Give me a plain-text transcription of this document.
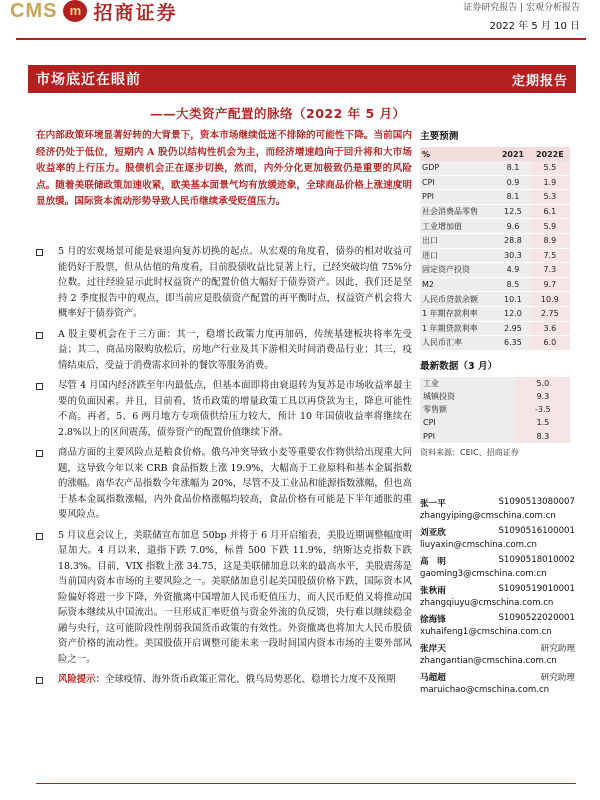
CMS m 招商证券	证券研究报告 | 宏观分析报告
2022 年 5 月 10 日
市场底近在眼前	定期报告
——大类资产配置的脉络（2022 年 5 月）
在内部政策环境显著好转的大背景下，资本市场继续低迷不排除的可能性下降。当前国内经济仍处于低位，短期内 A 股仍以结构性机会为主，而经济增速趋向于回升将和大市场收益率的上行压力。股债机会正在逐步切换，然而，内外分化更加极致仍是重要的风险点。随着美联储政策加速收紧，欧美基本面景气均有放缓迹象，全球商品价格上涨速度明显放缓。国际资本流动形势导致人民币继续承受贬值压力。
5 月的宏观场景可能是衰退向复苏切换的起点。从宏观的角度看，债券的相对收益可能仍好于股票，但从估值的角度看，目前股债收益比显著上行，已经突破均值 75%分位数。过往经验显示此时权益资产的配置价值大幅好于债券资产。因此，我们还是坚持 2 季度报告中的观点，即当前应是股债资产配置的再平衡时点，权益资产机会将大概率好于债券资产。
A 股主要机会在于三方面：其一，稳增长政策力度再加码，传统基建板块将率先受益；其二，商品房限购放松后，房地产行业及其下游相关时间消费品行业；其三，疫情结束后，受益于消费需求回补的餐饮等服务消费。
尽管 4 月国内经济跌至年内最低点，但基本面即将由衰退转为复苏是市场收益率最主要的负面因素。并且，目前看，货币政策的增量政策工具以再贷款为主，降息可能性不高。再者，5、6 两月地方专项债供给压力较大，预计 10 年国债收益率将继续在 2.8%以上的区间震荡，债券资产的配置价值继续下滑。
商品方面的主要风险点是粮食价格。俄乌冲突导致小麦等重要农作物供给出现重大问题，这导致今年以来 CRB 食品指数上涨 19.9%，大幅高于工业原料和基本金属指数的涨幅。南华农产品指数今年涨幅为 20%，尽管不及工业品和能源指数涨幅，但也高于基本金属指数涨幅，内外食品价格涨幅均较高，食品价格有可能是下半年通胀的重要风险点。
5 月议息会议上，美联储宣布加息 50bp 并将于 6 月开启缩表，美股近期调整幅度明显加大。4 月以来，道指下跌 7.0%，标普 500 下跌 11.9%，纳斯达克指数下跌 18.3%。目前，VIX 指数上涨 34.75，这是美联储加息以来的最高水平，美股震荡是当前国内资本市场的主要风险之一。美联储加息引起美国股债价格下跌，国际资本风险偏好将进一步下降，外资撤离中国增加人民币贬值压力，而人民币贬值又将推动国际资本继续从中国流出。一旦形成汇率贬值与资金外流的负反馈，央行难以继续稳金融与央行，这可能阶段性削弱我国货币政策的有效性。外资撤离也将加大人民币股债资产价格的流动性。美国股债开启调整可能未来一段时间国内资本市场的主要外部风险之一。
风险提示：全球疫情、海外货币政策正常化、俄乌局势恶化、稳增长力度不及预期
主要预测
%	2021	2022E
GDP	8.1	5.5
CPI	0.9	1.9
PPI	8.1	5.3
社会消费品零售	12.5	6.1
工业增加值	9.6	5.9
出口	28.8	8.9
进口	30.3	7.5
固定资产投资	4.9	7.3
M2	8.5	9.7
人民币贷款余额	10.1	10.9
1 年期存款利率	12.0	2.75
1 年期贷款利率	2.95	3.6
人民币汇率	6.35	6.0
最新数据（3 月）
工业	5.0
城镇投资	9.3
零售额	-3.5
CPI	1.5
PPI	8.3
资料来源：CEIC、招商证券
张一平	S1090513080007
zhangyiping@cmschina.com.cn
刘亚欣	S1090516100001
liuyaxin@cmschina.com.cn
高　明	S1090518010002
gaoming3@cmschina.com.cn
张秋雨	S1090519010001
zhangqiuyu@cmschina.com.cn
徐海锋	S1090522020001
xuhaifeng1@cmschina.com.cn
张岸天	研究助理
zhangantian@cmschina.com.cn
马超超	研究助理
maruichao@cmschina.com.cn
